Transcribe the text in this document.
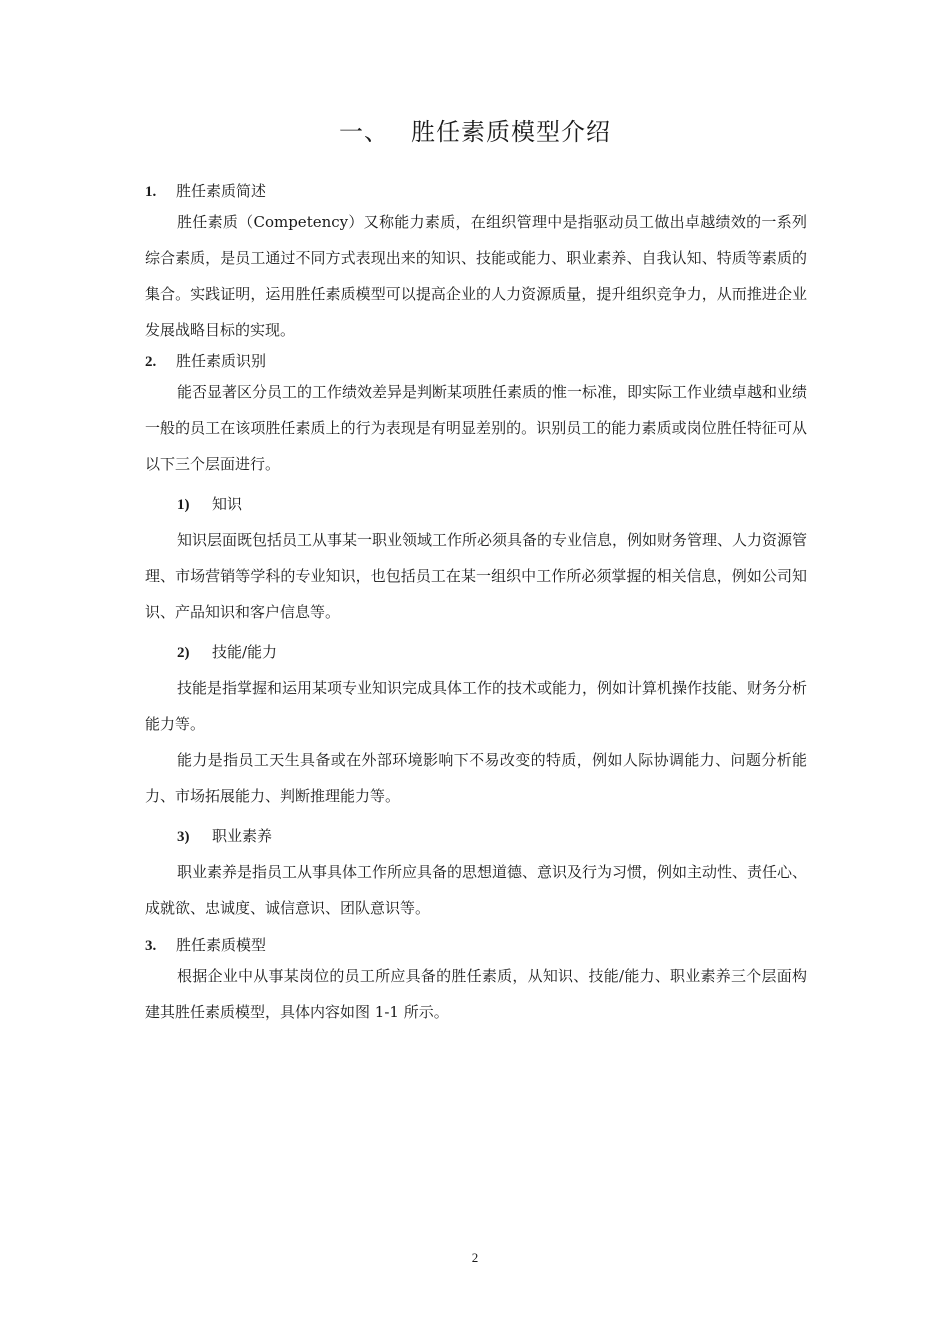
一、 胜任素质模型介绍
1. 胜任素质简述

胜任素质（Competency）又称能力素质，在组织管理中是指驱动员工做出卓越绩效的一系列综合素质，是员工通过不同方式表现出来的知识、技能或能力、职业素养、自我认知、特质等素质的集合。实践证明，运用胜任素质模型可以提高企业的人力资源质量，提升组织竞争力，从而推进企业发展战略目标的实现。

2. 胜任素质识别

能否显著区分员工的工作绩效差异是判断某项胜任素质的惟一标准，即实际工作业绩卓越和业绩一般的员工在该项胜任素质上的行为表现是有明显差别的。识别员工的能力素质或岗位胜任特征可从以下三个层面进行。

1) 知识

知识层面既包括员工从事某一职业领域工作所必须具备的专业信息，例如财务管理、人力资源管理、市场营销等学科的专业知识，也包括员工在某一组织中工作所必须掌握的相关信息，例如公司知识、产品知识和客户信息等。

2) 技能/能力

技能是指掌握和运用某项专业知识完成具体工作的技术或能力，例如计算机操作技能、财务分析能力等。

能力是指员工天生具备或在外部环境影响下不易改变的特质，例如人际协调能力、问题分析能力、市场拓展能力、判断推理能力等。

3) 职业素养

职业素养是指员工从事具体工作所应具备的思想道德、意识及行为习惯，例如主动性、责任心、成就欲、忠诚度、诚信意识、团队意识等。

3. 胜任素质模型

根据企业中从事某岗位的员工所应具备的胜任素质，从知识、技能/能力、职业素养三个层面构建其胜任素质模型，具体内容如图 1-1 所示。

2
